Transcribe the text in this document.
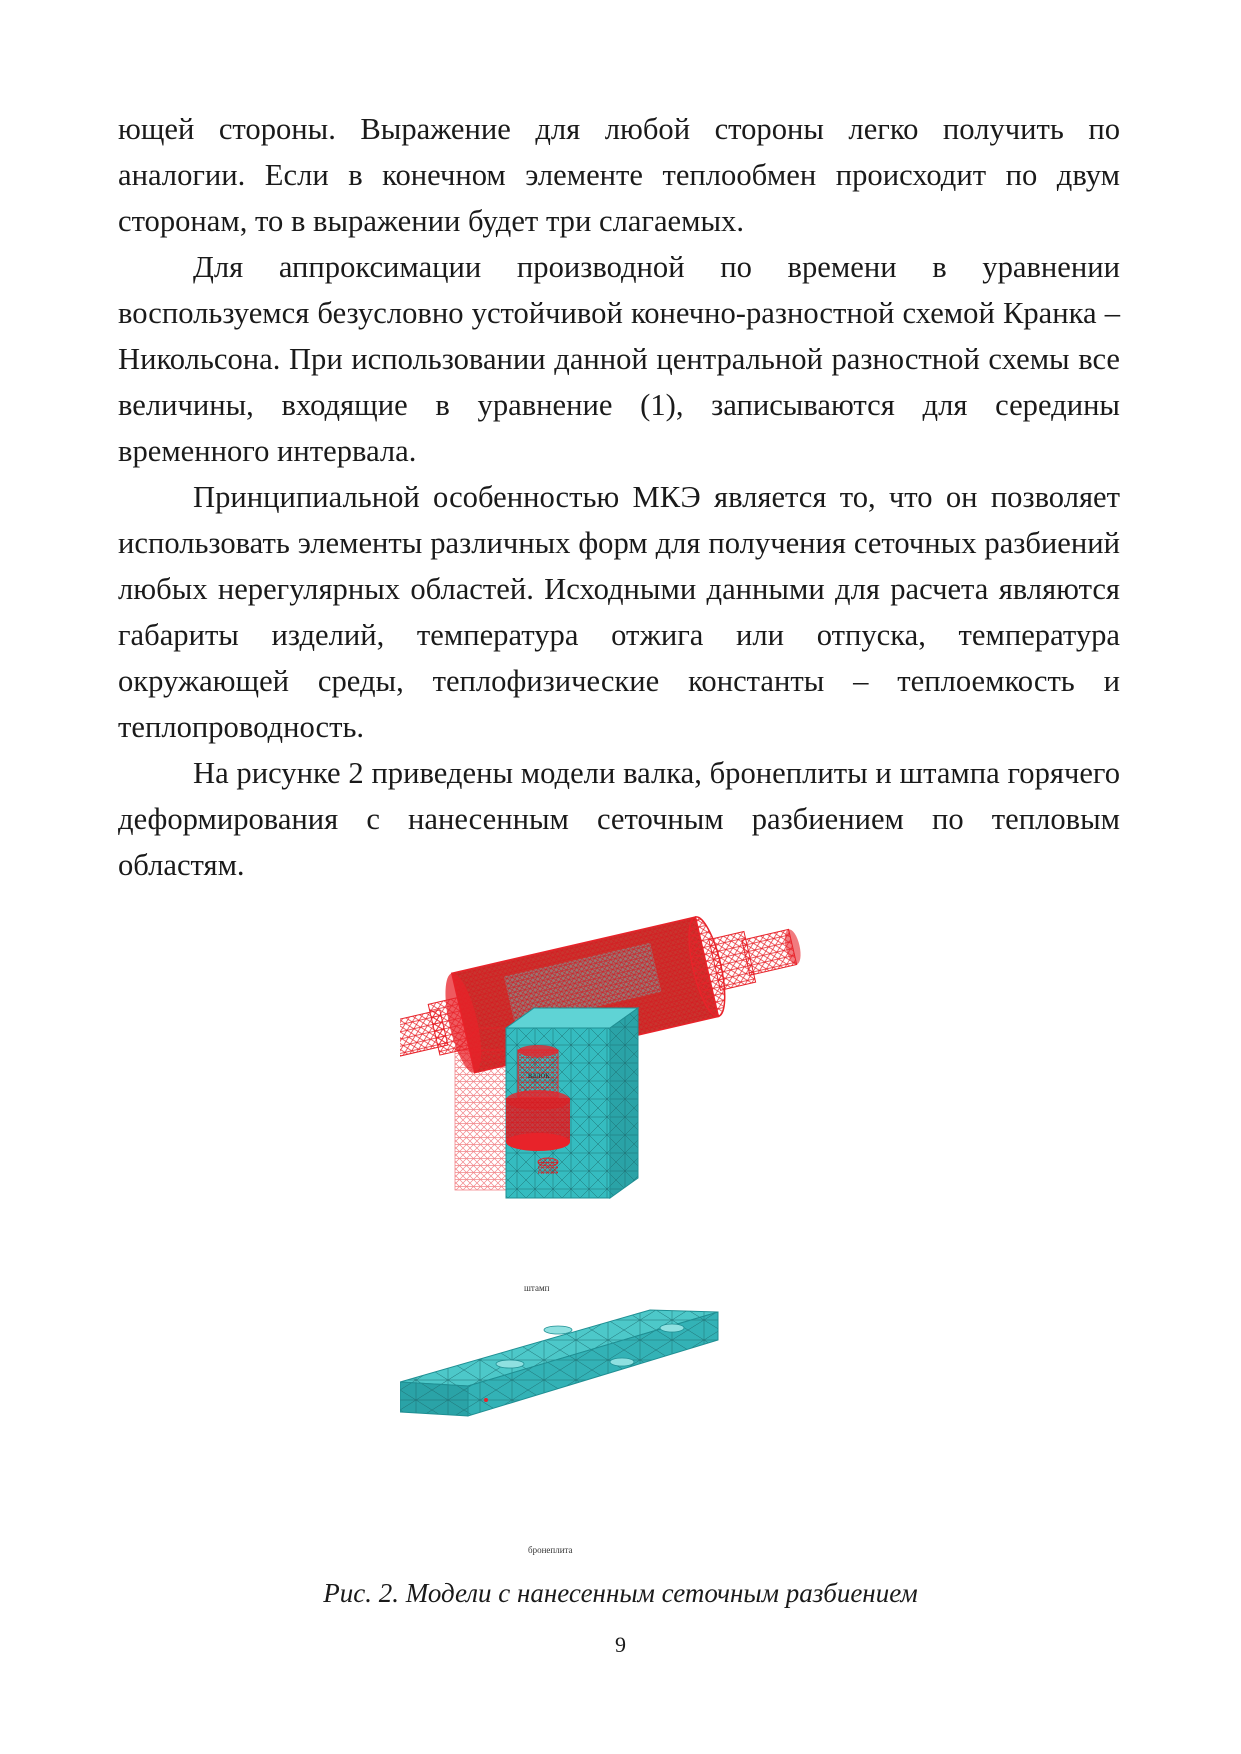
ющей стороны. Выражение для любой стороны легко получить по аналогии. Если в конечном элементе теплообмен происходит по двум сторонам, то в выражении будет три слагаемых.

Для аппроксимации производной по времени в уравнении воспользуемся безусловно устойчивой конечно-разностной схемой Кранка – Никольсона. При использовании данной центральной разностной схемы все величины, входящие в уравнение (1), записываются для середины временного интервала.

Принципиальной особенностью МКЭ является то, что он позволяет использовать элементы различных форм для получения сеточных разбиений любых нерегулярных областей. Исходными данными для расчета являются габариты изделий, температура отжига или отпуска, температура окружающей среды, теплофизические константы – теплоемкость и теплопроводность.

На рисунке 2 приведены модели валка, бронеплиты и штампа горячего деформирования с нанесенным сеточным разбиением по тепловым областям.

валок
штамп
бронеплита
Рис. 2. Модели с нанесенным сеточным разбиением
9
